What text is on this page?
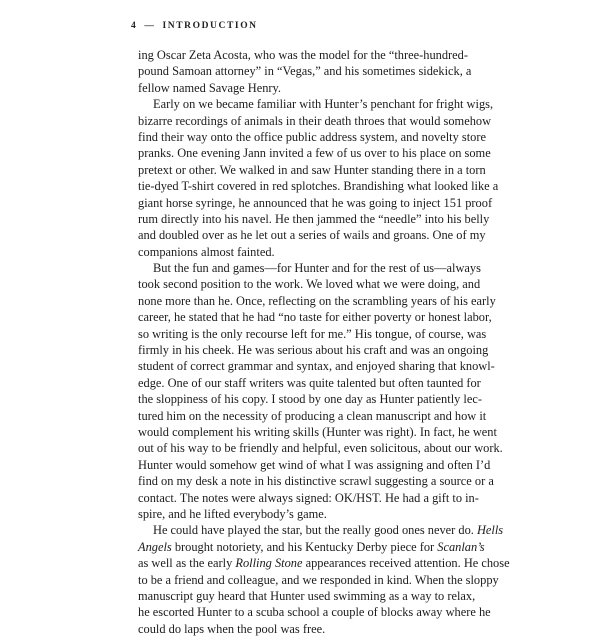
4 — INTRODUCTION
ing Oscar Zeta Acosta, who was the model for the “three-hundred-
pound Samoan attorney” in “Vegas,” and his sometimes sidekick, a
fellow named Savage Henry.
Early on we became familiar with Hunter’s penchant for fright wigs,
bizarre recordings of animals in their death throes that would somehow
find their way onto the office public address system, and novelty store
pranks. One evening Jann invited a few of us over to his place on some
pretext or other. We walked in and saw Hunter standing there in a torn
tie-dyed T-shirt covered in red splotches. Brandishing what looked like a
giant horse syringe, he announced that he was going to inject 151 proof
rum directly into his navel. He then jammed the “needle” into his belly
and doubled over as he let out a series of wails and groans. One of my
companions almost fainted.
But the fun and games—for Hunter and for the rest of us—always
took second position to the work. We loved what we were doing, and
none more than he. Once, reflecting on the scrambling years of his early
career, he stated that he had “no taste for either poverty or honest labor,
so writing is the only recourse left for me.” His tongue, of course, was
firmly in his cheek. He was serious about his craft and was an ongoing
student of correct grammar and syntax, and enjoyed sharing that knowl-
edge. One of our staff writers was quite talented but often taunted for
the sloppiness of his copy. I stood by one day as Hunter patiently lec-
tured him on the necessity of producing a clean manuscript and how it
would complement his writing skills (Hunter was right). In fact, he went
out of his way to be friendly and helpful, even solicitous, about our work.
Hunter would somehow get wind of what I was assigning and often I’d
find on my desk a note in his distinctive scrawl suggesting a source or a
contact. The notes were always signed: OK/HST. He had a gift to in-
spire, and he lifted everybody’s game.
He could have played the star, but the really good ones never do. Hells
Angels brought notoriety, and his Kentucky Derby piece for Scanlan’s
as well as the early Rolling Stone appearances received attention. He chose
to be a friend and colleague, and we responded in kind. When the sloppy
manuscript guy heard that Hunter used swimming as a way to relax,
he escorted Hunter to a scuba school a couple of blocks away where he
could do laps when the pool was free.
